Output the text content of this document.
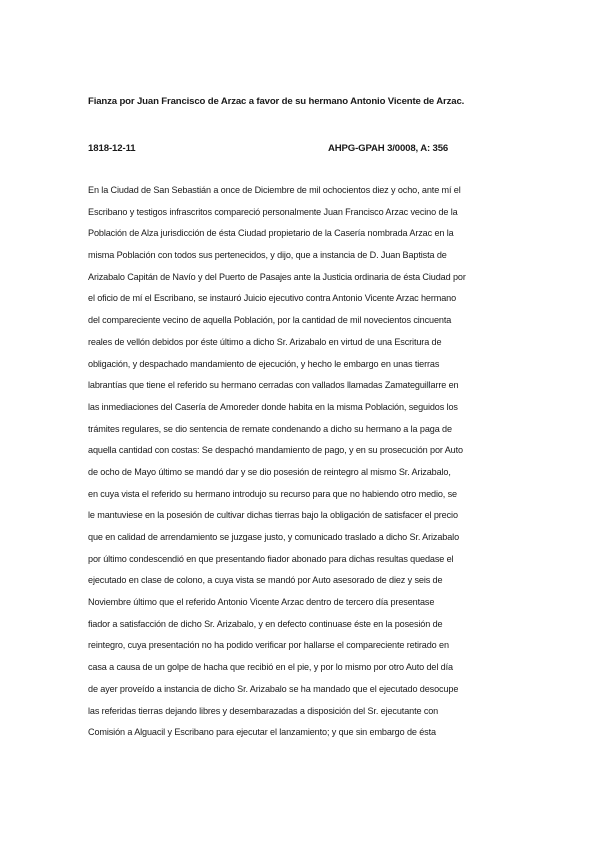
Fianza por Juan Francisco de Arzac a favor de su hermano Antonio Vicente de Arzac.
1818-12-11	AHPG-GPAH 3/0008, A: 356
En la Ciudad de San Sebastián a once de Diciembre de mil ochocientos diez y ocho, ante mí el
Escribano y testigos infrascritos compareció personalmente Juan Francisco Arzac vecino de la
Población de Alza jurisdicción de ésta Ciudad propietario de la Casería nombrada Arzac en la
misma Población con todos sus pertenecidos, y dijo, que a instancia de D. Juan Baptista de
Arizabalo Capitán de Navío y del Puerto de Pasajes ante la Justicia ordinaria de ésta Ciudad por
el oficio de mí el Escribano, se instauró Juicio ejecutivo contra Antonio Vicente Arzac hermano
del compareciente vecino de aquella Población, por la cantidad de mil novecientos cincuenta
reales de vellón debidos por éste último a dicho Sr. Arizabalo en virtud de una Escritura de
obligación, y despachado mandamiento de ejecución, y hecho le embargo en unas tierras
labrantías que tiene el referido su hermano cerradas con vallados llamadas Zamateguillarre en
las inmediaciones del Casería de Amoreder donde habita en la misma Población, seguidos los
trámites regulares, se dio sentencia de remate condenando a dicho su hermano a la paga de
aquella cantidad con costas: Se despachó mandamiento de pago, y en su prosecución por Auto
de ocho de Mayo último se mandó dar y se dio posesión de reintegro al mismo Sr. Arizabalo,
en cuya vista el referido su hermano introdujo su recurso para que no habiendo otro medio, se
le mantuviese en la posesión de cultivar dichas tierras bajo la obligación de satisfacer el precio
que en calidad de arrendamiento se juzgase justo, y comunicado traslado a dicho Sr. Arizabalo
por último condescendió en que presentando fiador abonado para dichas resultas quedase el
ejecutado en clase de colono, a cuya vista se mandó por Auto asesorado de diez y seis de
Noviembre último que el referido Antonio Vicente Arzac dentro de tercero día presentase
fiador a satisfacción de dicho Sr. Arizabalo, y en defecto continuase éste en la posesión de
reintegro, cuya presentación no ha podido verificar por hallarse el compareciente retirado en
casa a causa de un golpe de hacha que recibió en el pie, y por lo mismo por otro Auto del día
de ayer proveído a instancia de dicho Sr. Arizabalo se ha mandado que el ejecutado desocupe
las referidas tierras dejando libres y desembarazadas a disposición del Sr. ejecutante con
Comisión a Alguacil y Escribano para ejecutar el lanzamiento; y que sin embargo de ésta
